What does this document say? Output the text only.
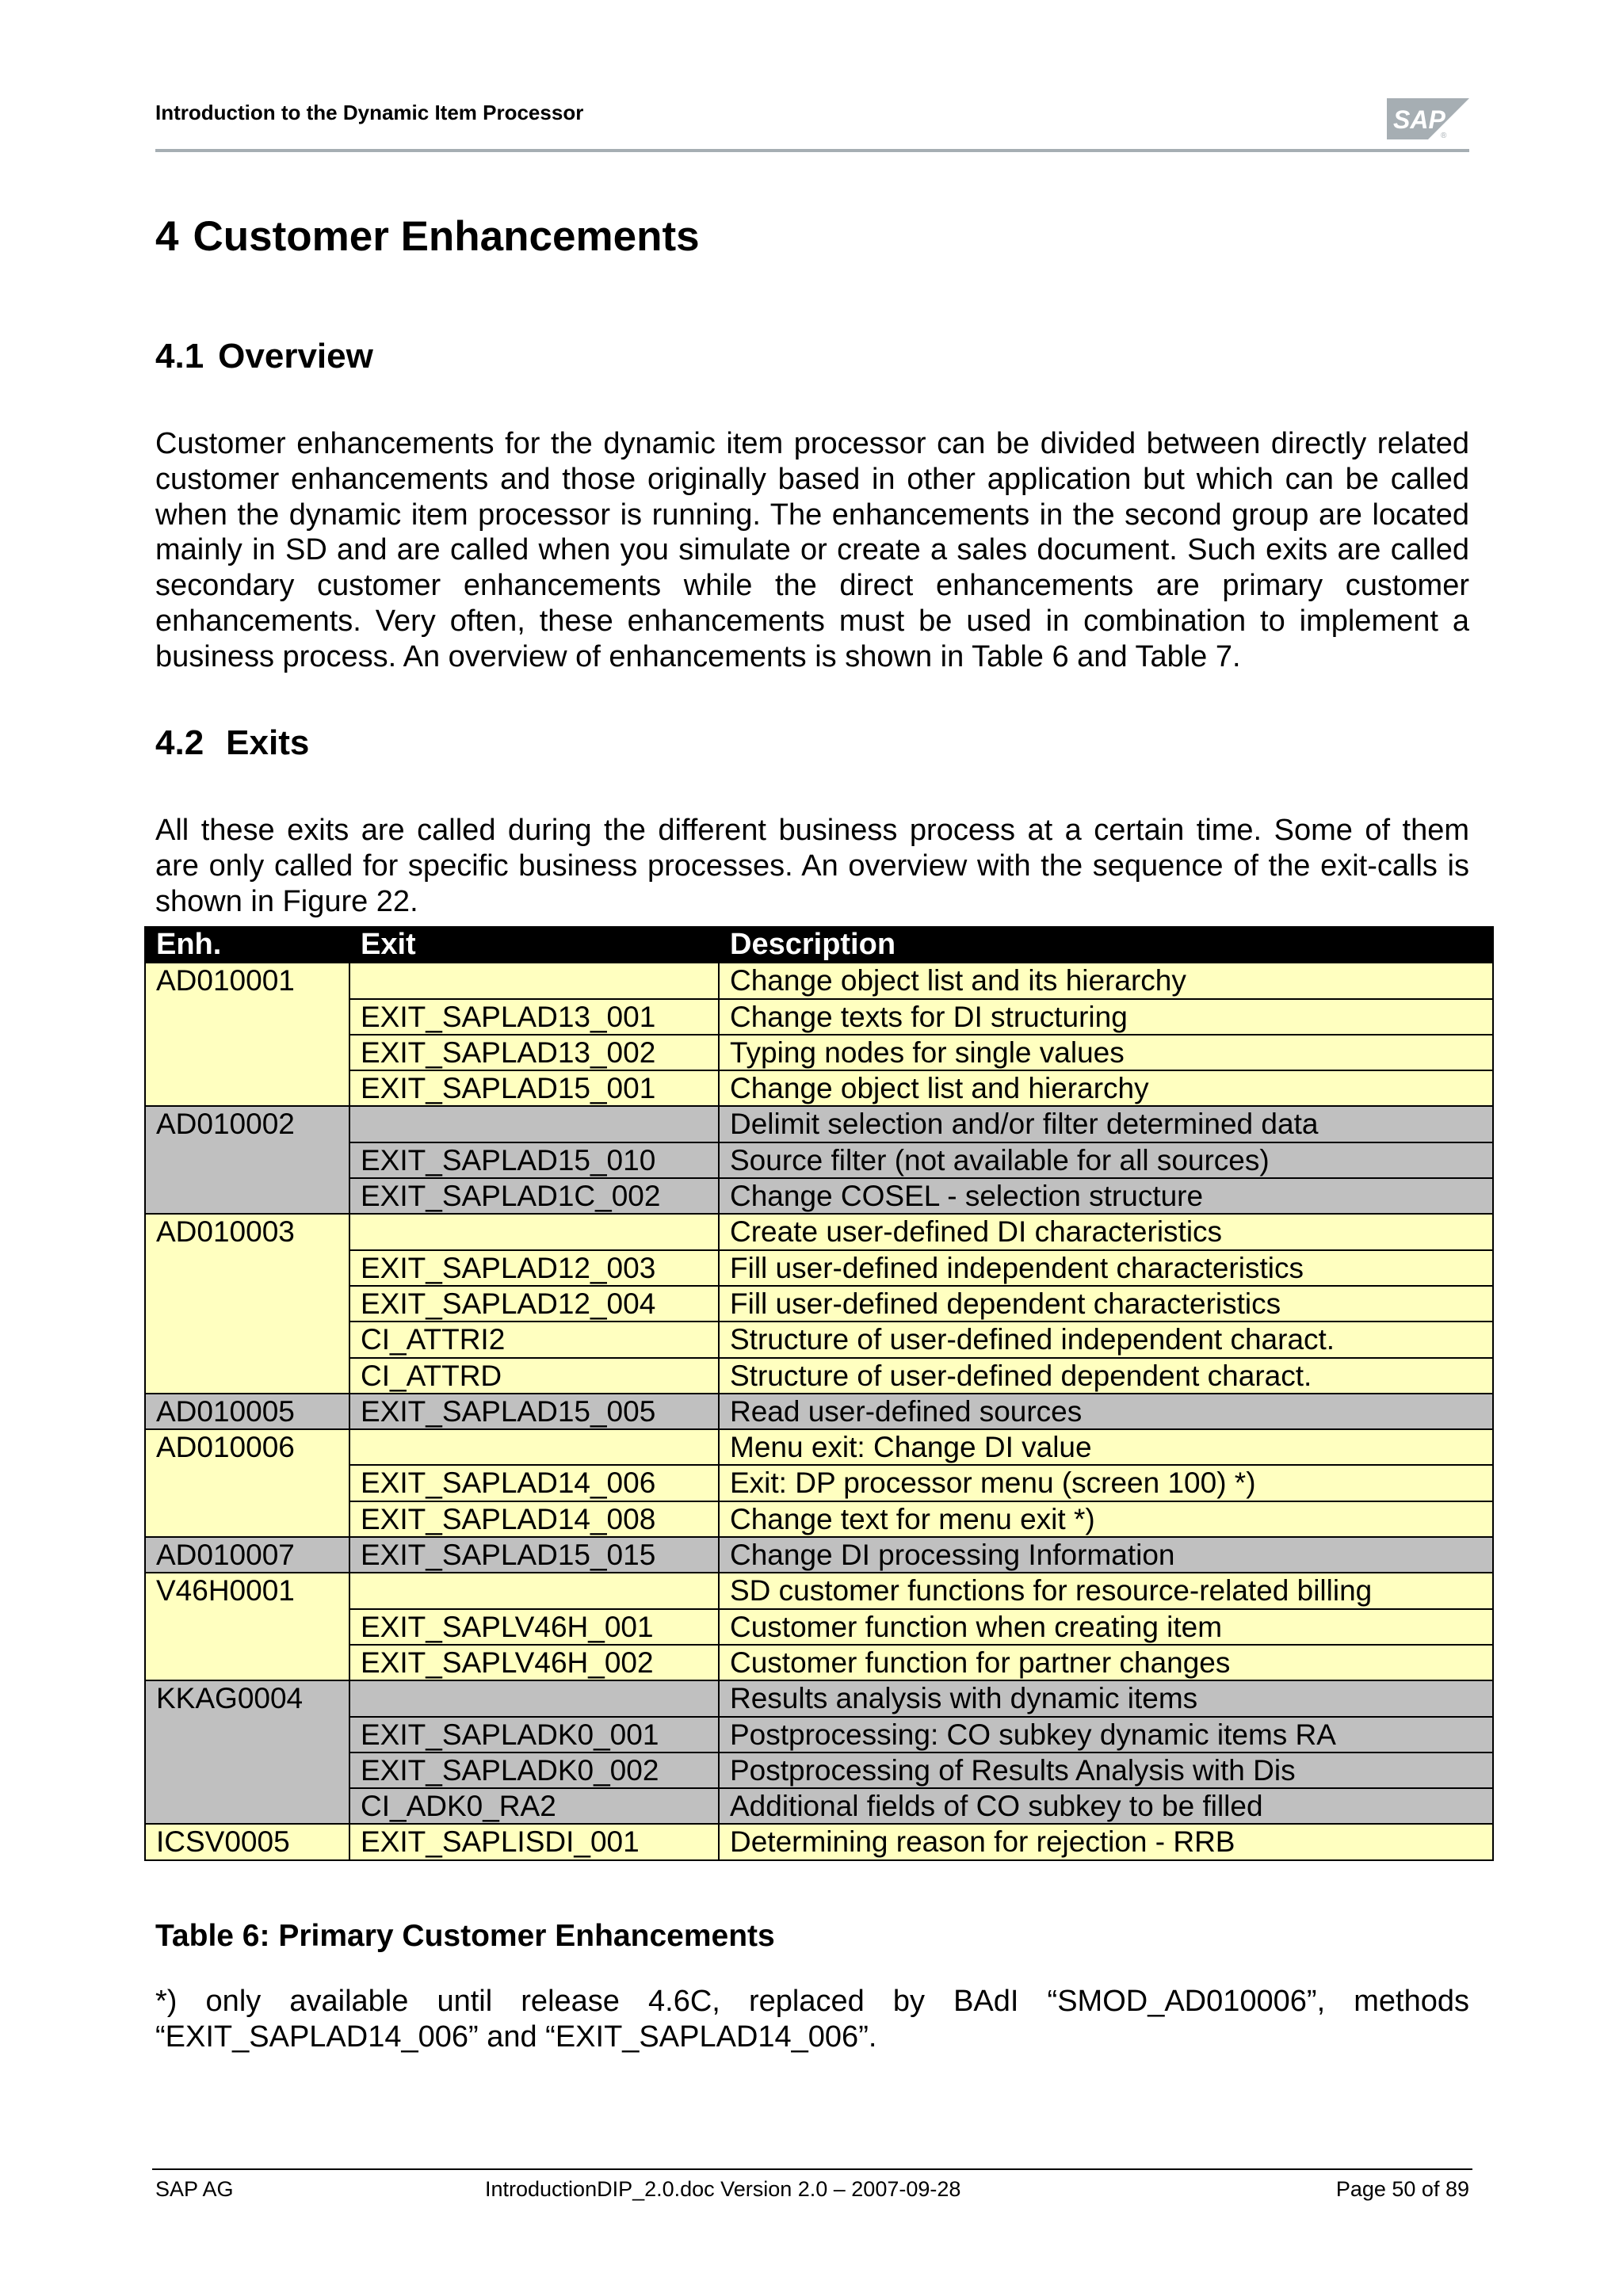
Introduction to the Dynamic Item Processor	SAP
®
4 Customer Enhancements
4.1 Overview
Customer enhancements for the dynamic item processor can be divided between directly related
customer enhancements and those originally based in other application but which can be called
when the dynamic item processor is running. The enhancements in the second group are located
mainly in SD and are called when you simulate or create a sales document. Such exits are called
secondary customer enhancements while the direct enhancements are primary customer
enhancements. Very often, these enhancements must be used in combination to implement a
business process. An overview of enhancements is shown in Table 6 and Table 7.
4.2 Exits
All these exits are called during the different business process at a certain time. Some of them
are only called for specific business processes. An overview with the sequence of the exit-calls is
shown in Figure 22.
Enh.	Exit	Description
AD010001		Change object list and its hierarchy
	EXIT_SAPLAD13_001	Change texts for DI structuring
	EXIT_SAPLAD13_002	Typing nodes for single values
	EXIT_SAPLAD15_001	Change object list and hierarchy
AD010002		Delimit selection and/or filter determined data
	EXIT_SAPLAD15_010	Source filter (not available for all sources)
	EXIT_SAPLAD1C_002	Change COSEL - selection structure
AD010003		Create user-defined DI characteristics
	EXIT_SAPLAD12_003	Fill user-defined independent characteristics
	EXIT_SAPLAD12_004	Fill user-defined dependent characteristics
	CI_ATTRI2	Structure of user-defined independent charact.
	CI_ATTRD	Structure of user-defined dependent charact.
AD010005	EXIT_SAPLAD15_005	Read user-defined sources
AD010006		Menu exit: Change DI value
	EXIT_SAPLAD14_006	Exit: DP processor menu (screen 100) *)
	EXIT_SAPLAD14_008	Change text for menu exit *)
AD010007	EXIT_SAPLAD15_015	Change DI processing Information
V46H0001		SD customer functions for resource-related billing
	EXIT_SAPLV46H_001	Customer function when creating item
	EXIT_SAPLV46H_002	Customer function for partner changes
KKAG0004		Results analysis with dynamic items
	EXIT_SAPLADK0_001	Postprocessing: CO subkey dynamic items RA
	EXIT_SAPLADK0_002	Postprocessing of Results Analysis with Dis
	CI_ADK0_RA2	Additional fields of CO subkey to be filled
ICSV0005	EXIT_SAPLISDI_001	Determining reason for rejection - RRB
Table 6: Primary Customer Enhancements
*) only available until release 4.6C, replaced by BAdI “SMOD_AD010006”, methods
“EXIT_SAPLAD14_006” and “EXIT_SAPLAD14_006”.
SAP AG	IntroductionDIP_2.0.doc Version 2.0 – 2007-09-28	Page 50 of 89
